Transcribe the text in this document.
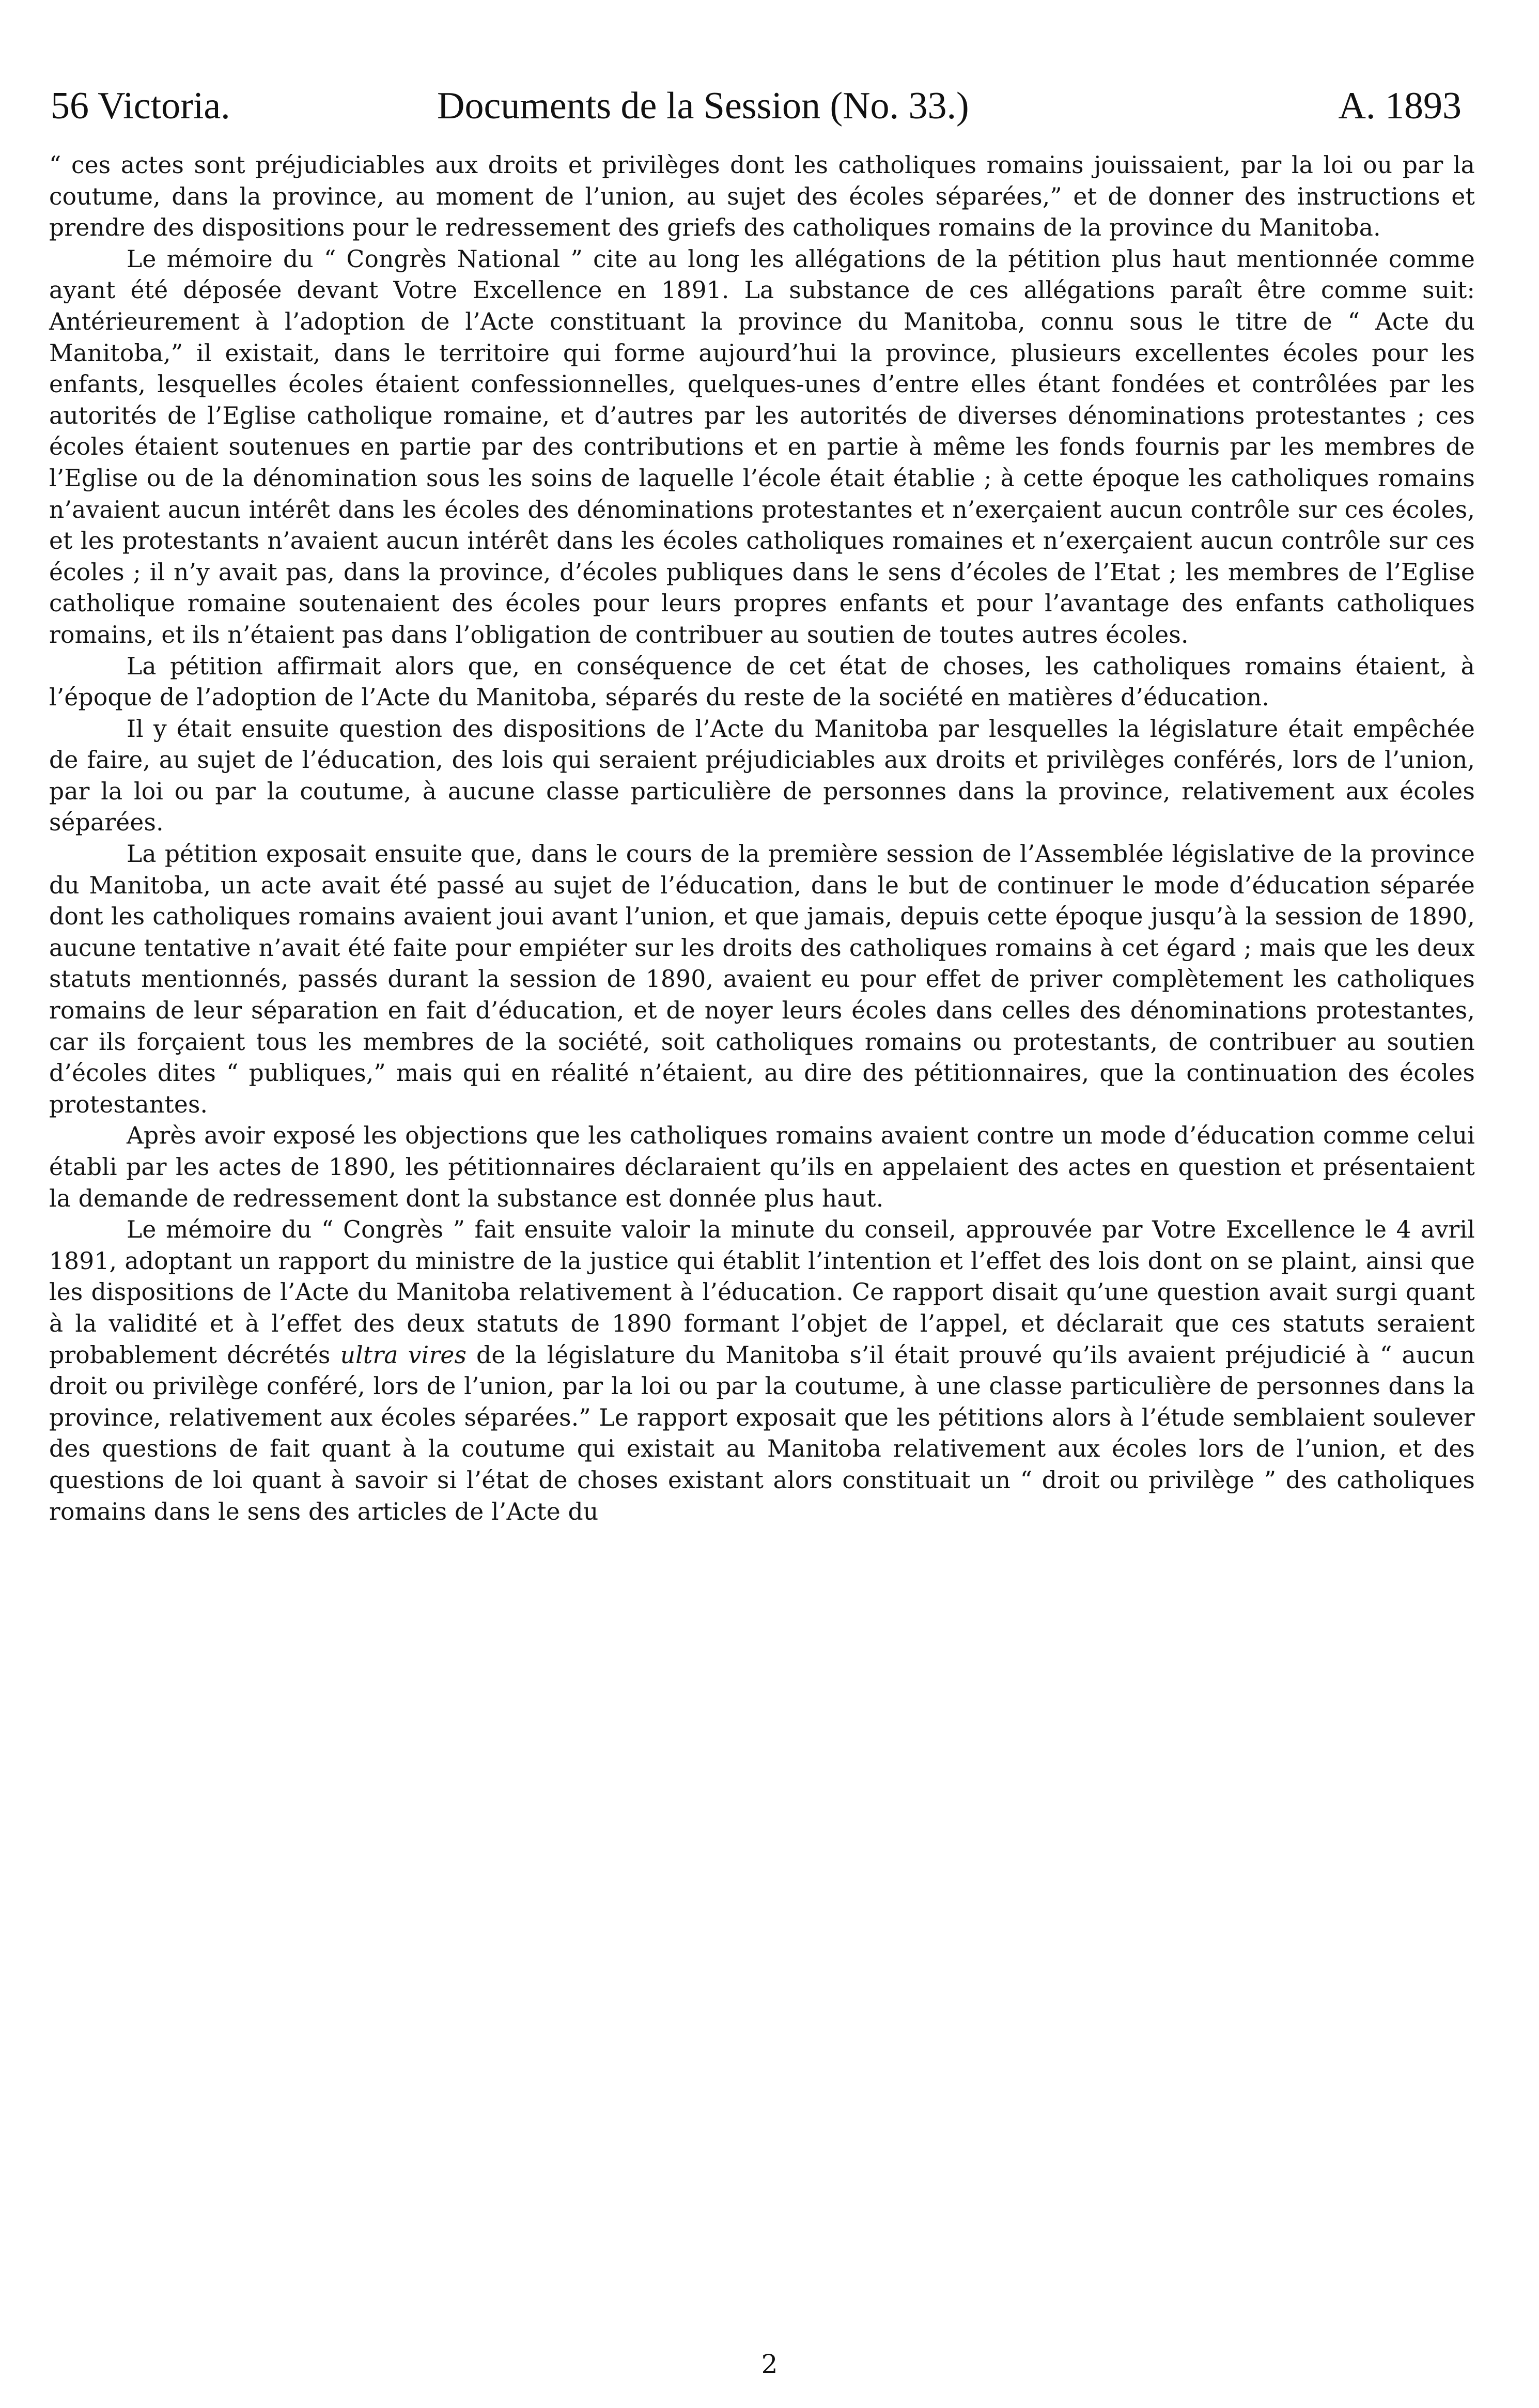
56 Victoria.	Documents de la Session (No. 33.)	A. 1893

“ ces actes sont préjudiciables aux droits et privilèges dont les catholiques romains jouissaient, par la loi ou par la coutume, dans la province, au moment de l’union, au sujet des écoles séparées,” et de donner des instructions et prendre des dispositions pour le redressement des griefs des catholiques romains de la province du Manitoba.

Le mémoire du “ Congrès National ” cite au long les allégations de la pétition plus haut mentionnée comme ayant été déposée devant Votre Excellence en 1891. La substance de ces allégations paraît être comme suit: Antérieurement à l’adoption de l’Acte constituant la province du Manitoba, connu sous le titre de “ Acte du Manitoba,” il existait, dans le territoire qui forme aujourd’hui la province, plusieurs excellentes écoles pour les enfants, lesquelles écoles étaient confessionnelles, quelques-unes d’entre elles étant fondées et contrôlées par les autorités de l’Eglise catholique romaine, et d’autres par les autorités de diverses dénominations protestantes ; ces écoles étaient soutenues en partie par des contributions et en partie à même les fonds fournis par les membres de l’Eglise ou de la dénomination sous les soins de laquelle l’école était établie ; à cette époque les catholiques romains n’avaient aucun intérêt dans les écoles des dénominations protestantes et n’exerçaient aucun contrôle sur ces écoles, et les protestants n’avaient aucun intérêt dans les écoles catholiques romaines et n’exerçaient aucun contrôle sur ces écoles ; il n’y avait pas, dans la province, d’écoles publiques dans le sens d’écoles de l’Etat ; les membres de l’Eglise catholique romaine soutenaient des écoles pour leurs propres enfants et pour l’avantage des enfants catholiques romains, et ils n’étaient pas dans l’obligation de contribuer au soutien de toutes autres écoles.

La pétition affirmait alors que, en conséquence de cet état de choses, les catholiques romains étaient, à l’époque de l’adoption de l’Acte du Manitoba, séparés du reste de la société en matières d’éducation.

Il y était ensuite question des dispositions de l’Acte du Manitoba par lesquelles la législature était empêchée de faire, au sujet de l’éducation, des lois qui seraient préjudiciables aux droits et privilèges conférés, lors de l’union, par la loi ou par la coutume, à aucune classe particulière de personnes dans la province, relativement aux écoles séparées.

La pétition exposait ensuite que, dans le cours de la première session de l’Assemblée législative de la province du Manitoba, un acte avait été passé au sujet de l’éducation, dans le but de continuer le mode d’éducation séparée dont les catholiques romains avaient joui avant l’union, et que jamais, depuis cette époque jusqu’à la session de 1890, aucune tentative n’avait été faite pour empiéter sur les droits des catholiques romains à cet égard ; mais que les deux statuts mentionnés, passés durant la session de 1890, avaient eu pour effet de priver complètement les catholiques romains de leur séparation en fait d’éducation, et de noyer leurs écoles dans celles des dénominations protestantes, car ils forçaient tous les membres de la société, soit catholiques romains ou protestants, de contribuer au soutien d’écoles dites “ publiques,” mais qui en réalité n’étaient, au dire des pétitionnaires, que la continuation des écoles protestantes.

Après avoir exposé les objections que les catholiques romains avaient contre un mode d’éducation comme celui établi par les actes de 1890, les pétitionnaires déclaraient qu’ils en appelaient des actes en question et présentaient la demande de redressement dont la substance est donnée plus haut.

Le mémoire du “ Congrès ” fait ensuite valoir la minute du conseil, approuvée par Votre Excellence le 4 avril 1891, adoptant un rapport du ministre de la justice qui établit l’intention et l’effet des lois dont on se plaint, ainsi que les dispositions de l’Acte du Manitoba relativement à l’éducation. Ce rapport disait qu’une question avait surgi quant à la validité et à l’effet des deux statuts de 1890 formant l’objet de l’appel, et déclarait que ces statuts seraient probablement décrétés ultra vires de la législature du Manitoba s’il était prouvé qu’ils avaient préjudicié à “ aucun droit ou privilège conféré, lors de l’union, par la loi ou par la coutume, à une classe particulière de personnes dans la province, relativement aux écoles séparées.” Le rapport exposait que les pétitions alors à l’étude semblaient soulever des questions de fait quant à la coutume qui existait au Manitoba relativement aux écoles lors de l’union, et des questions de loi quant à savoir si l’état de choses existant alors constituait un “ droit ou privilège ” des catholiques romains dans le sens des articles de l’Acte du

2
